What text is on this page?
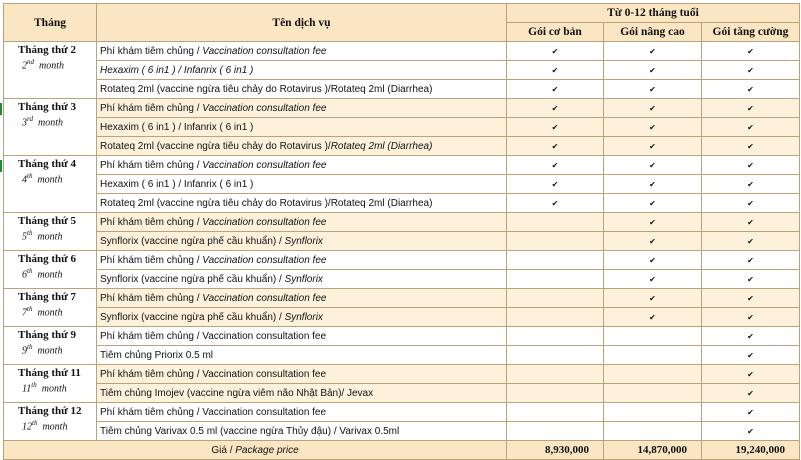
Tháng	Tên dịch vụ	Từ 0-12 tháng tuổi		
		Gói cơ bản	Gói nâng cao	Gói tăng cường

Tháng thứ 2
2nd month	Phí khám tiêm chủng / Vaccination consultation fee	✔	✔	✔
	Hexaxim ( 6 in1 ) / Infanrix ( 6 in1 )	✔	✔	✔
	Rotateq 2ml (vaccine ngừa tiêu chảy do Rotavirus )/Rotateq 2ml (Diarrhea)	✔	✔	✔

Tháng thứ 3
3rd month	Phí khám tiêm chủng / Vaccination consultation fee	✔	✔	✔
	Hexaxim ( 6 in1 ) / Infanrix ( 6 in1 )	✔	✔	✔
	Rotateq 2ml (vaccine ngừa tiêu chảy do Rotavirus )/Rotateq 2ml (Diarrhea)	✔	✔	✔

Tháng thứ 4
4th month	Phí khám tiêm chủng / Vaccination consultation fee	✔	✔	✔
	Hexaxim ( 6 in1 ) / Infanrix ( 6 in1 )	✔	✔	✔
	Rotateq 2ml (vaccine ngừa tiêu chảy do Rotavirus )/Rotateq 2ml (Diarrhea)	✔	✔	✔

Tháng thứ 5
5th month	Phí khám tiêm chủng / Vaccination consultation fee		✔	✔
	Synflorix (vaccine ngừa phế cầu khuẩn) / Synflorix		✔	✔

Tháng thứ 6
6th month	Phí khám tiêm chủng / Vaccination consultation fee		✔	✔
	Synflorix (vaccine ngừa phế cầu khuẩn) / Synflorix		✔	✔

Tháng thứ 7
7th month	Phí khám tiêm chủng / Vaccination consultation fee		✔	✔
	Synflorix (vaccine ngừa phế cầu khuẩn) / Synflorix		✔	✔

Tháng thứ 9
9th month	Phí khám tiêm chủng / Vaccination consultation fee			✔
	Tiêm chủng Priorix 0.5 ml			✔

Tháng thứ 11
11th month	Phí khám tiêm chủng / Vaccination consultation fee			✔
	Tiêm chủng Imojev (vaccine ngừa viêm não Nhật Bản)/ Jevax			✔

Tháng thứ 12
12th month	Phí khám tiêm chủng / Vaccination consultation fee			✔
	Tiêm chủng Varivax 0.5 ml (vaccine ngừa Thủy đậu) / Varivax 0.5ml			✔
Giá / Package price		8,930,000	14,870,000	19,240,000
